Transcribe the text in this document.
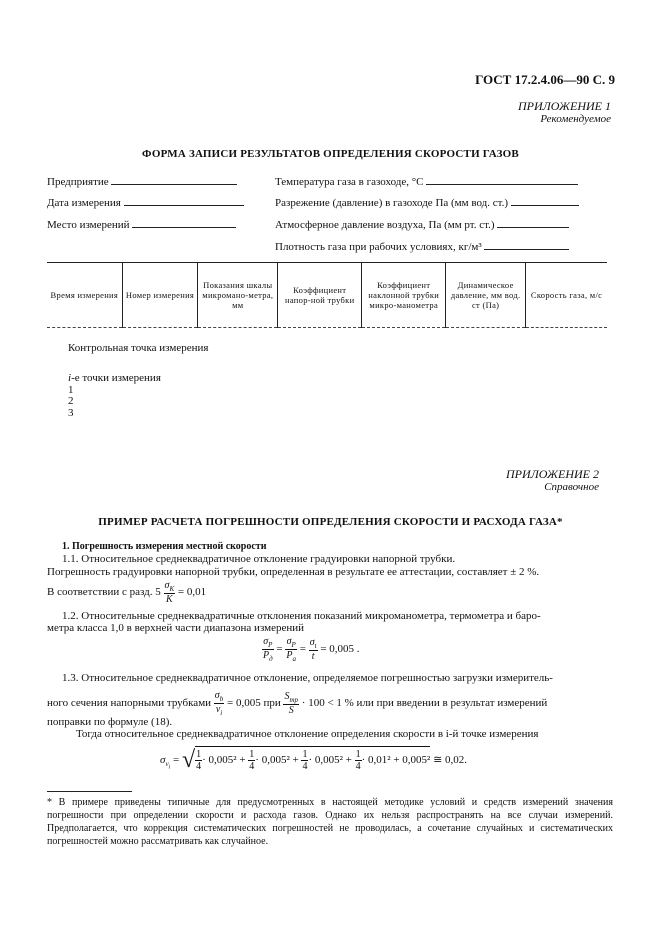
ГОСТ 17.2.4.06—90 С. 9
ПРИЛОЖЕНИЕ 1
Рекомендуемое
ФОРМА ЗАПИСИ РЕЗУЛЬТАТОВ ОПРЕДЕЛЕНИЯ СКОРОСТИ ГАЗОВ
Предприятие
Дата измерения
Место измерений
Температура газа в газоходе, °С
Разрежение (давление) в газоходе Па (мм вод. ст.)
Атмосферное давление воздуха, Па (мм рт. ст.)
Плотность газа при рабочих условиях, кг/м³
Время измерения	Номер измерения	Показания шкалы микромано-метра, мм	Коэффициент напор-ной трубки	Коэффициент наклонной трубки микро-манометра	Динамическое давление, мм вод. ст (Па)	Скорость газа, м/с
Контрольная точка измерения
i-е точки измерения
1
2
3
ПРИЛОЖЕНИЕ 2
Справочное
ПРИМЕР РАСЧЕТА ПОГРЕШНОСТИ ОПРЕДЕЛЕНИЯ СКОРОСТИ И РАСХОДА ГАЗА*
1. Погрешность измерения местной скорости
1.1. Относительное среднеквадратичное отклонение градуировки напорной трубки.
Погрешность градуировки напорной трубки, определенная в результате ее аттестации, составляет ± 2 %.
В соответствии с разд. $5 \frac{\sigma_K}{K} = 0,01$
1.2. Относительные среднеквадратичные отклонения показаний микроманометра, термометра и баро-
метра класса 1,0 в верхней части диапазона измерений
$\frac{\sigma_P}{P_д} = \frac{\sigma_P}{P_a} = \frac{\sigma_t}{t} = 0,005$ .
1.3. Относительное среднеквадратичное отклонение, определяемое погрешностью загрузки измеритель-
ного сечения напорными трубками $\frac{\sigma_b}{v_i} = 0,005$ при $\frac{S_{тр}}{S} \cdot 100 < 1$ % или при введении в результат измерений
поправки по формуле (18).
Тогда относительное среднеквадратичное отклонение определения скорости в i-й точке измерения
$\sigma_{v_i}$ = √ $\frac{1}{4} \cdot 0,005^2 + \frac{1}{4} \cdot 0,005^2 + \frac{1}{4} \cdot 0,005^2 + \frac{1}{4} \cdot 0,01^2 + 0,005^2$ ≅ 0,02.
* В примере приведены типичные для предусмотренных в настоящей методике условий и средств измерений значения погрешности при определении скорости и расхода газов. Однако их нельзя распространять на все случаи измерений. Предполагается, что коррекция систематических погрешностей не проводилась, а сочетание случайных и систематических погрешностей можно рассматривать как случайное.
